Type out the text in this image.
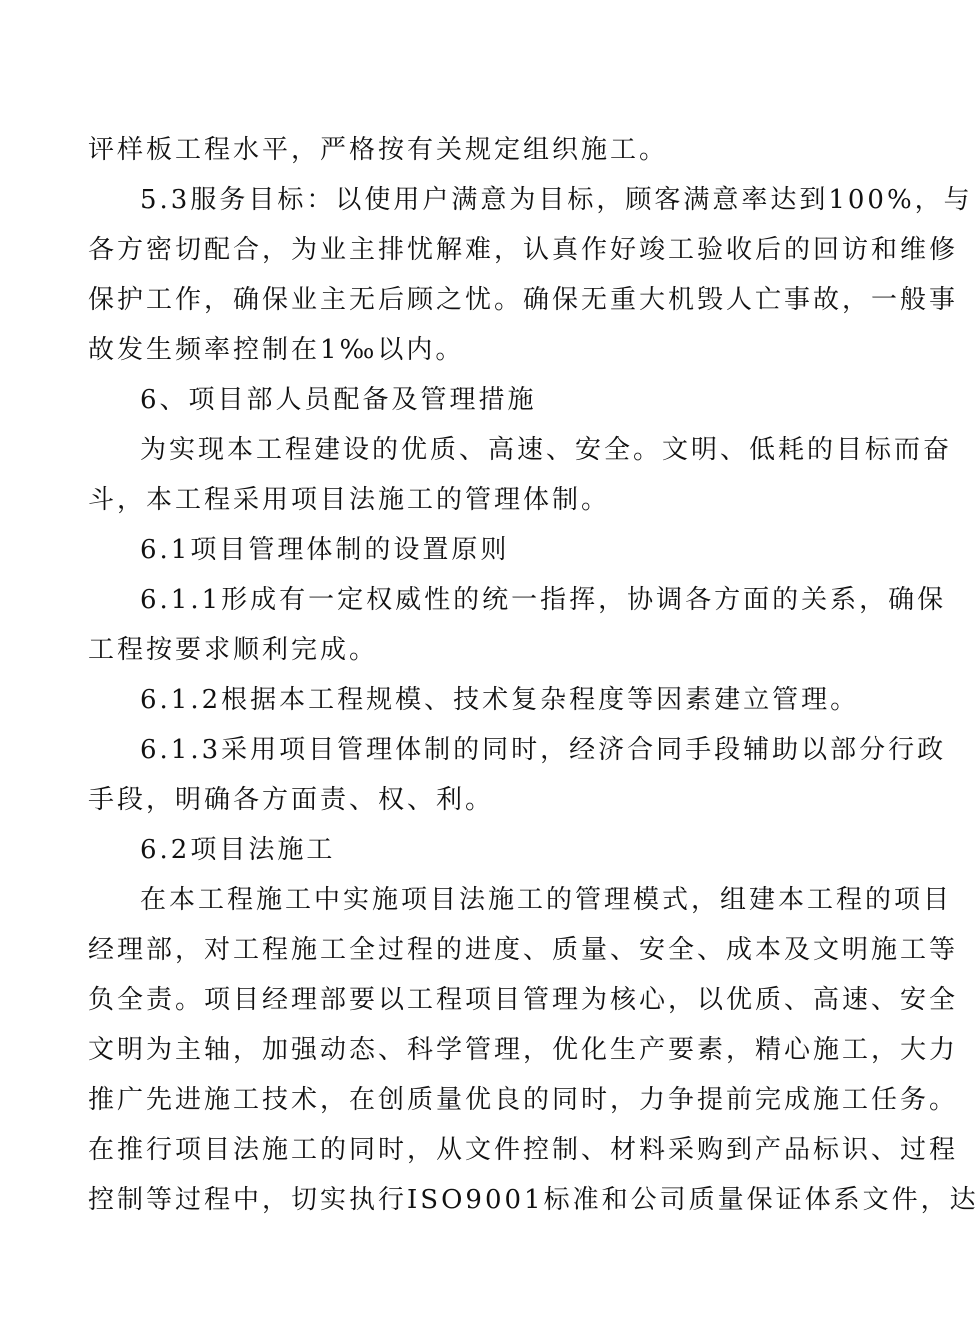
评样板工程水平，严格按有关规定组织施工。
5.3服务目标：以使用户满意为目标，顾客满意率达到100%，与
各方密切配合，为业主排忧解难，认真作好竣工验收后的回访和维修
保护工作，确保业主无后顾之忧。确保无重大机毁人亡事故，一般事
故发生频率控制在1‰以内。
6、项目部人员配备及管理措施
为实现本工程建设的优质、高速、安全。文明、低耗的目标而奋
斗，本工程采用项目法施工的管理体制。
6.1项目管理体制的设置原则
6.1.1形成有一定权威性的统一指挥，协调各方面的关系，确保
工程按要求顺利完成。
6.1.2根据本工程规模、技术复杂程度等因素建立管理。
6.1.3采用项目管理体制的同时，经济合同手段辅助以部分行政
手段，明确各方面责、权、利。
6.2项目法施工
在本工程施工中实施项目法施工的管理模式，组建本工程的项目
经理部，对工程施工全过程的进度、质量、安全、成本及文明施工等
负全责。项目经理部要以工程项目管理为核心，以优质、高速、安全
文明为主轴，加强动态、科学管理，优化生产要素，精心施工，大力
推广先进施工技术，在创质量优良的同时，力争提前完成施工任务。
在推行项目法施工的同时，从文件控制、材料采购到产品标识、过程
控制等过程中，切实执行ISO9001标准和公司质量保证体系文件，达
